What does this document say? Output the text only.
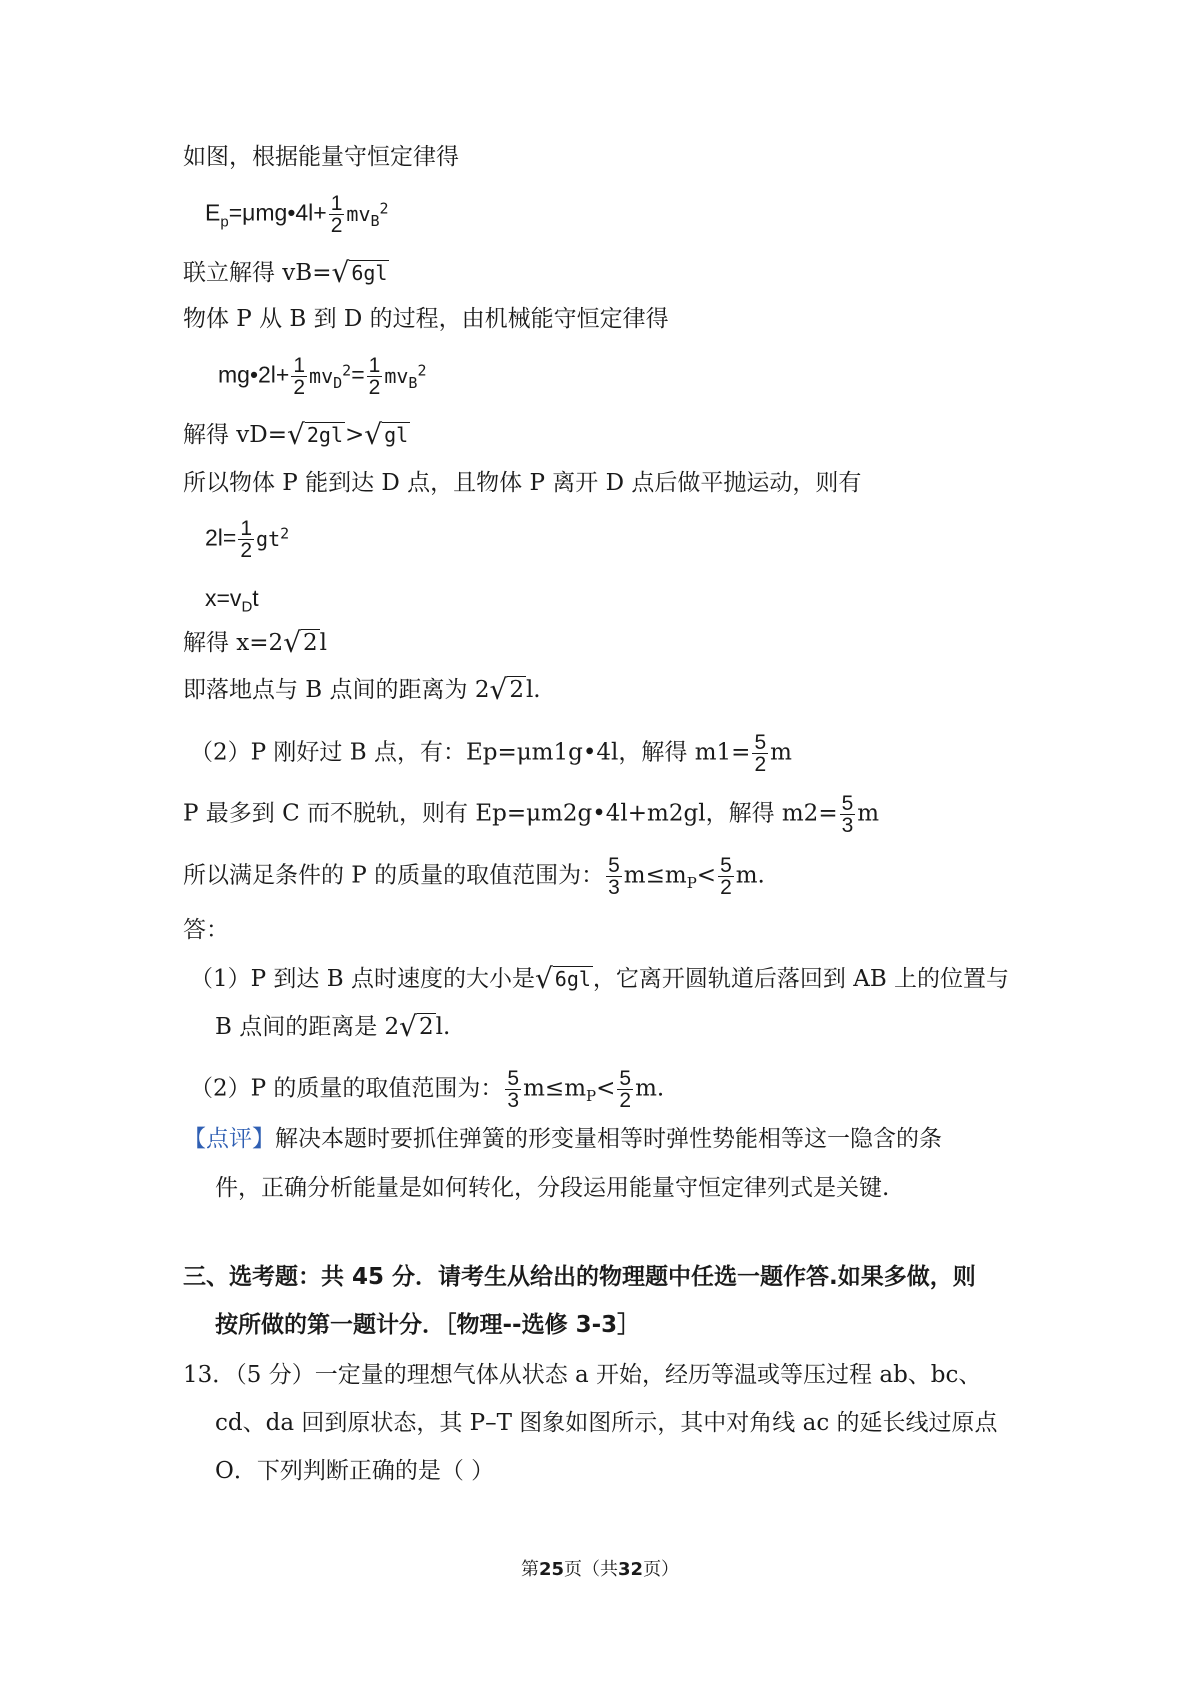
如图，根据能量守恒定律得
$E_p=\mu mg•4l+ \frac{1}{2} mv_B^2$
联立解得 vB=√ 6gl
物体 P 从 B 到 D 的过程，由机械能守恒定律得
mg•2l+ $\frac{1}{2} mv_D^2= \frac{1}{2} mv_B^2$
解得 vD=√ 2gl>√ gl
所以物体 P 能到达 D 点，且物体 P 离开 D 点后做平抛运动，则有
$2l= \frac{1}{2} gt^2$
$x=v_Dt$
解得 x=2√2l
即落地点与 B 点间的距离为 2√2l.
（2）P 刚好过 B 点，有：Ep=μm1g•4l，解得 $m1= \frac{5}{2}$ m
P 最多到 C 而不脱轨，则有 Ep=μm2g•4l+m2gl，解得 $m2= \frac{5}{3}$ m
所以满足条件的 P 的质量的取值范围为： $\frac{5}{3} m\le m_P< \frac{5}{2} m$.
答：
（1）P 到达 B 点时速度的大小是√ 6gl，它离开圆轨道后落回到 AB 上的位置与
B 点间的距离是 2√2l.
（2）P 的质量的取值范围为： $\frac{5}{3} m\le m_P< \frac{5}{2} m$.
【点评】解决本题时要抓住弹簧的形变量相等时弹性势能相等这一隐含的条
件，正确分析能量是如何转化，分段运用能量守恒定律列式是关键.
三、选考题：共 45 分．请考生从给出的物理题中任选一题作答.如果多做，则
按所做的第一题计分．［物理--选修 3-3］
13．（5 分）一定量的理想气体从状态 a 开始，经历等温或等压过程 ab、bc、
cd、da 回到原状态，其 P–T 图象如图所示，其中对角线 ac 的延长线过原点
O．下列判断正确的是（ ）
第25页（共32页）
